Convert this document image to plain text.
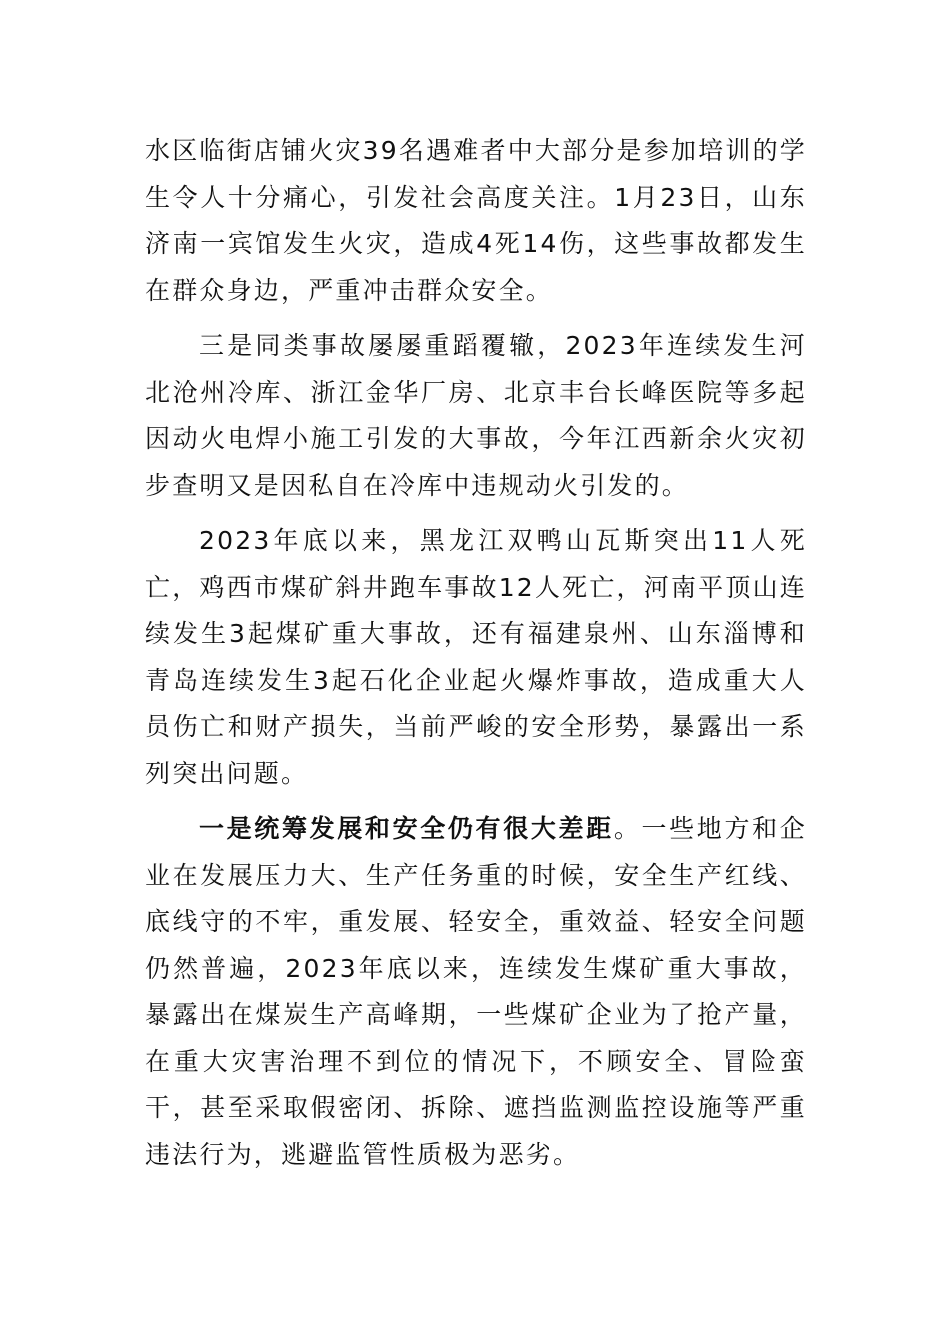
水区临街店铺火灾39名遇难者中大部分是参加培训的学生令人十分痛心，引发社会高度关注。1月23日，山东济南一宾馆发生火灾，造成4死14伤，这些事故都发生在群众身边，严重冲击群众安全。

三是同类事故屡屡重蹈覆辙，2023年连续发生河北沧州冷库、浙江金华厂房、北京丰台长峰医院等多起因动火电焊小施工引发的大事故，今年江西新余火灾初步查明又是因私自在冷库中违规动火引发的。

2023年底以来，黑龙江双鸭山瓦斯突出11人死亡，鸡西市煤矿斜井跑车事故12人死亡，河南平顶山连续发生3起煤矿重大事故，还有福建泉州、山东淄博和青岛连续发生3起石化企业起火爆炸事故，造成重大人员伤亡和财产损失，当前严峻的安全形势，暴露出一系列突出问题。

一是统筹发展和安全仍有很大差距。一些地方和企业在发展压力大、生产任务重的时候，安全生产红线、底线守的不牢，重发展、轻安全，重效益、轻安全问题仍然普遍，2023年底以来，连续发生煤矿重大事故，暴露出在煤炭生产高峰期，一些煤矿企业为了抢产量，在重大灾害治理不到位的情况下，不顾安全、冒险蛮干，甚至采取假密闭、拆除、遮挡监测监控设施等严重违法行为，逃避监管性质极为恶劣。
